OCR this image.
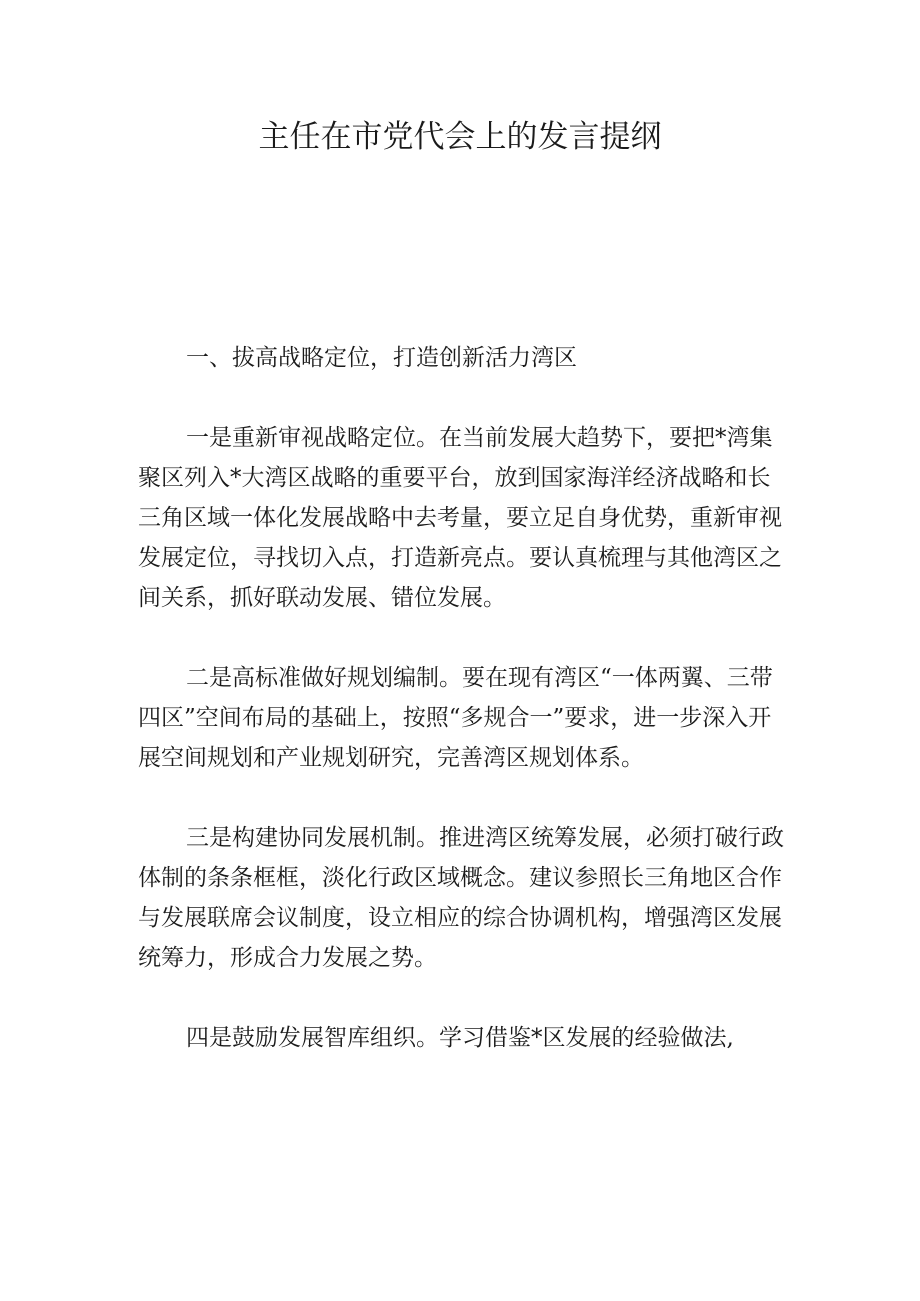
主任在市党代会上的发言提纲

一、拔高战略定位，打造创新活力湾区

一是重新审视战略定位。在当前发展大趋势下，要把*湾集聚区列入*大湾区战略的重要平台，放到国家海洋经济战略和长三角区域一体化发展战略中去考量，要立足自身优势，重新审视发展定位，寻找切入点，打造新亮点。要认真梳理与其他湾区之间关系，抓好联动发展、错位发展。

二是高标准做好规划编制。要在现有湾区“一体两翼、三带四区”空间布局的基础上，按照“多规合一”要求，进一步深入开展空间规划和产业规划研究，完善湾区规划体系。

三是构建协同发展机制。推进湾区统筹发展，必须打破行政体制的条条框框，淡化行政区域概念。建议参照长三角地区合作与发展联席会议制度，设立相应的综合协调机构，增强湾区发展统筹力，形成合力发展之势。

四是鼓励发展智库组织。学习借鉴*区发展的经验做法,
